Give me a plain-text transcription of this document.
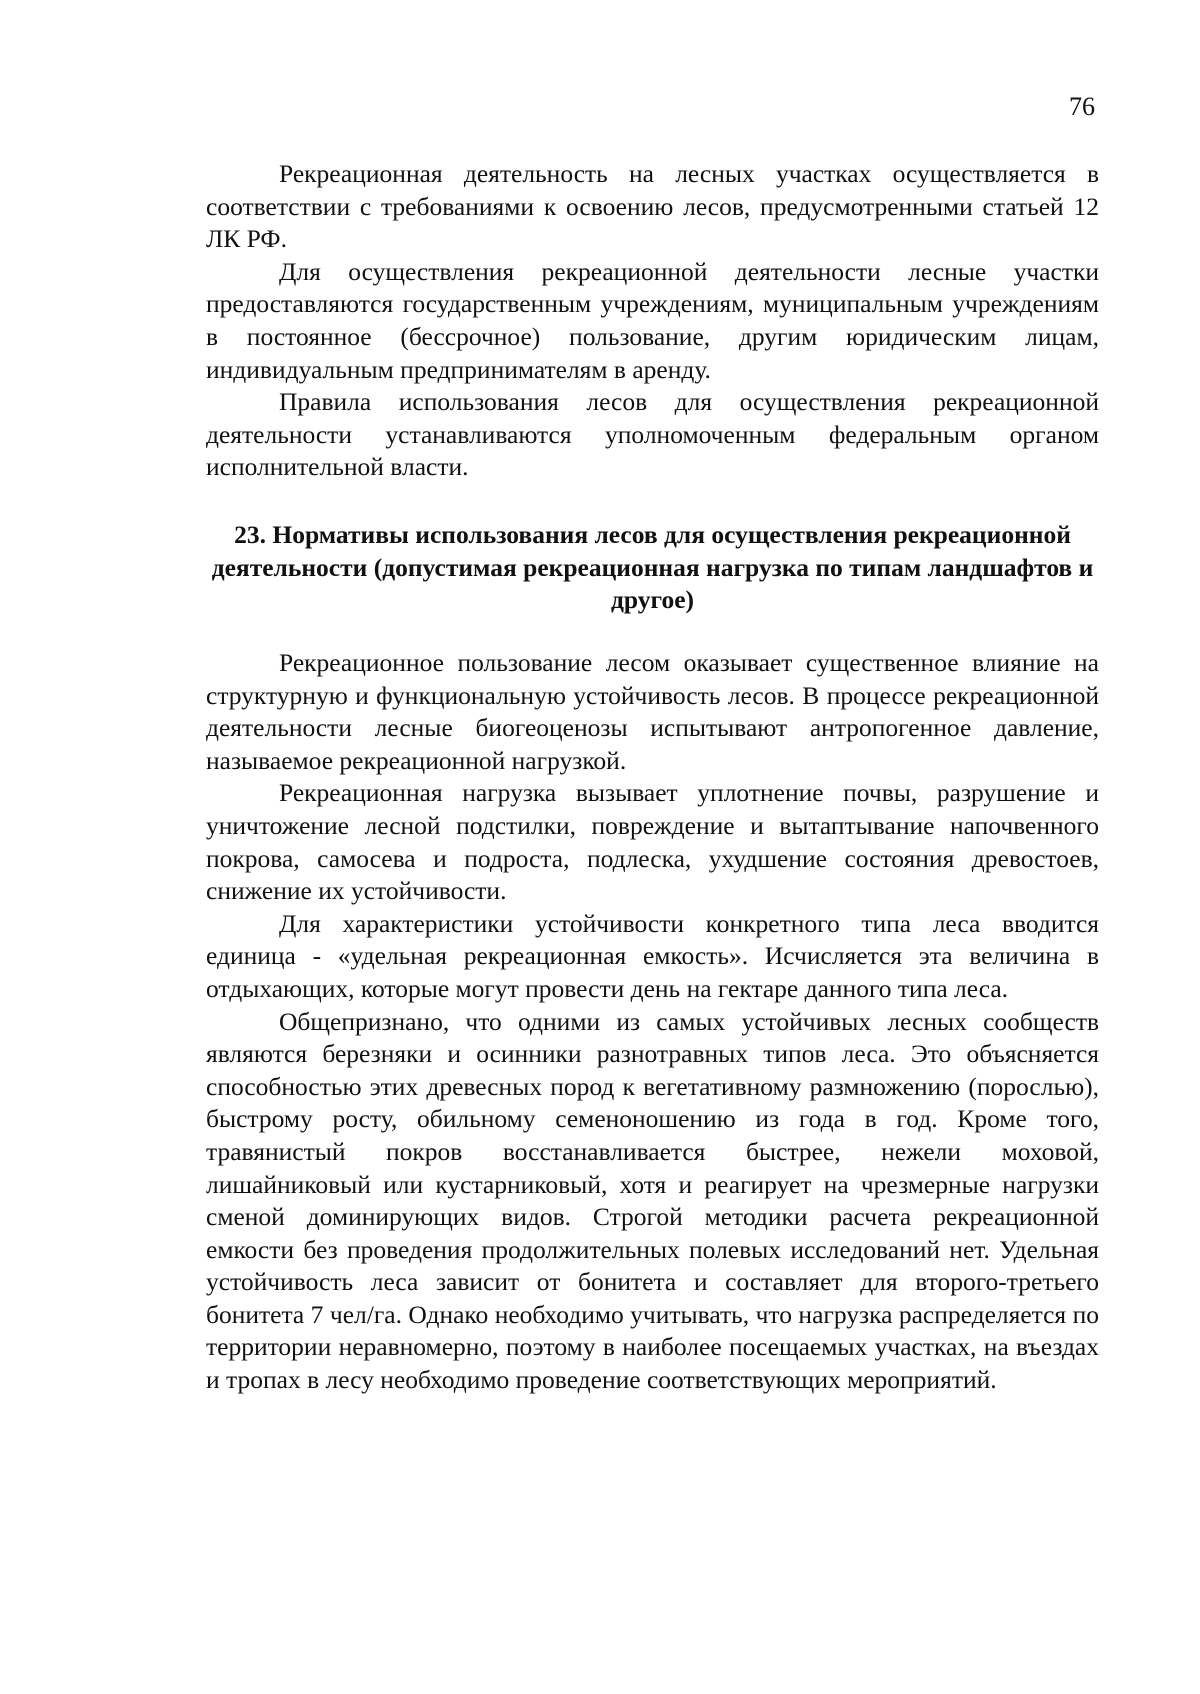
76

Рекреационная деятельность на лесных участках осуществляется в соответствии с требованиями к освоению лесов, предусмотренными статьей 12 ЛК РФ.

Для осуществления рекреационной деятельности лесные участки предоставляются государственным учреждениям, муниципальным учреждениям в постоянное (бессрочное) пользование, другим юридическим лицам, индивидуальным предпринимателям в аренду.

Правила использования лесов для осуществления рекреационной деятельности устанавливаются уполномоченным федеральным органом исполнительной власти.

23. Нормативы использования лесов для осуществления рекреационной деятельности (допустимая рекреационная нагрузка по типам ландшафтов и другое)

Рекреационное пользование лесом оказывает существенное влияние на структурную и функциональную устойчивость лесов. В процессе рекреационной деятельности лесные биогеоценозы испытывают антропогенное давление, называемое рекреационной нагрузкой.

Рекреационная нагрузка вызывает уплотнение почвы, разрушение и уничтожение лесной подстилки, повреждение и вытаптывание напочвенного покрова, самосева и подроста, подлеска, ухудшение состояния древостоев, снижение их устойчивости.

Для характеристики устойчивости конкретного типа леса вводится единица - «удельная рекреационная емкость». Исчисляется эта величина в отдыхающих, которые могут провести день на гектаре данного типа леса.

Общепризнано, что одними из самых устойчивых лесных сообществ являются березняки и осинники разнотравных типов леса. Это объясняется способностью этих древесных пород к вегетативному размножению (порослью), быстрому росту, обильному семеноношению из года в год. Кроме того, травянистый покров восстанавливается быстрее, нежели моховой, лишайниковый или кустарниковый, хотя и реагирует на чрезмерные нагрузки сменой доминирующих видов. Строгой методики расчета рекреационной емкости без проведения продолжительных полевых исследований нет. Удельная устойчивость леса зависит от бонитета и составляет для второго-третьего бонитета 7 чел/га. Однако необходимо учитывать, что нагрузка распределяется по территории неравномерно, поэтому в наиболее посещаемых участках, на въездах и тропах в лесу необходимо проведение соответствующих мероприятий.
